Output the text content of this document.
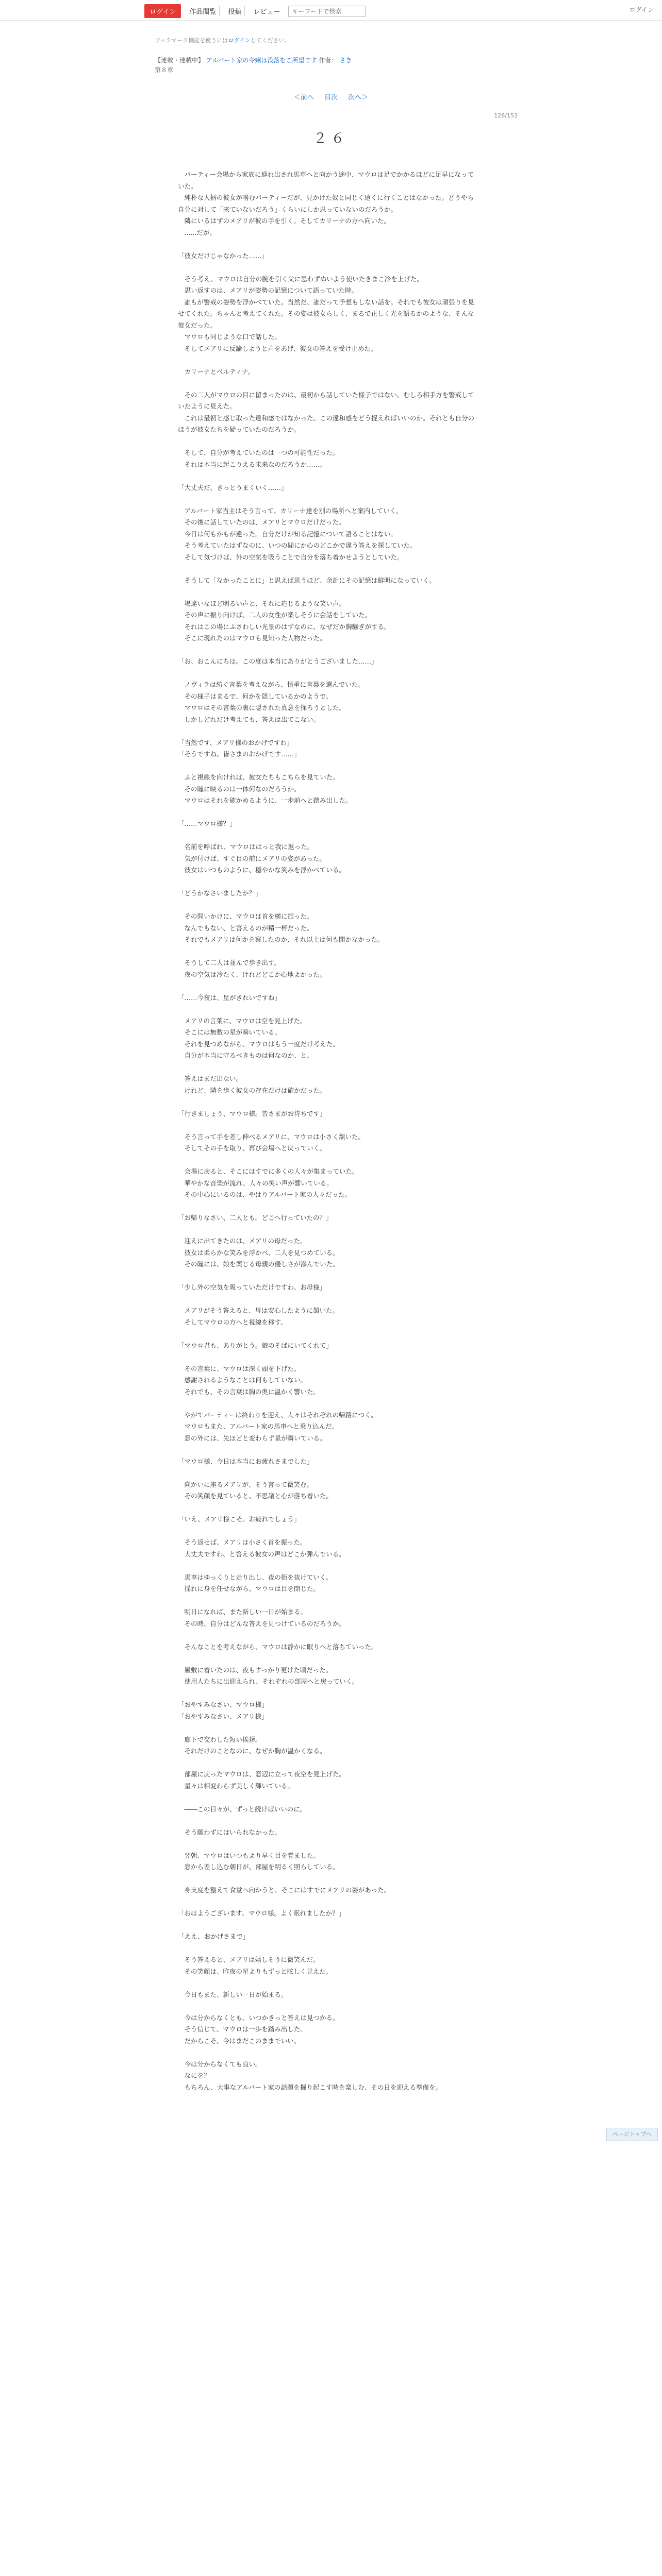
ログイン	作品閲覧	投稿	レビュー
キーワードで検索	ログイン
ブックマーク機能を使うにはログインしてください。
【連載・連載中】 アルバート家の令嬢は没落をご所望です 作者： さき
第８章
＜前へ 目次 次へ＞
128/153
２６

　パーティー会場から家族に連れ出され馬車へと向かう途中、マウロは足でかかるほどに足早になっていた。

　純朴な人柄の彼女が嗜むパーティーだが、見かけた奴と同じく遠くに行くことはなかった。どうやら自分に対して「来ていないだろう」くらいにしか思っていないのだろうか。

　隣にいるはずのメアリが彼の手を引く。そしてカリーナの方へ向いた。

　......だが。

「彼女だけじゃなかった……」

　そう考え、マウロは自分の腕を引く父に思わずぬいよう使いたきまこ冷を上げた。

　思い返すのは、メアリが姿勢の記憶について語っていた時。

　誰もが警戒の姿勢を浮かべていた。当然だ、誰だって予想もしない話を。それでも彼女は頑張りを見せてくれた。ちゃんと考えてくれた。その姿は彼女らしく、まるで正しく光を語るかのような、そんな彼女だった。

　マウロも同じような口で話した。

　そしてメアリに反論しようと声をあげ、彼女の答えを受け止めた。

　カリーナとベルティナ。

　その二人がマウロの目に留まったのは、最初から話していた様子ではない。むしろ相手方を警戒していたように見えた。

　これは最初と感じ取った違和感ではなかった。この違和感をどう捉えればいいのか。それとも自分のほうが彼女たちを疑っていたのだろうか。

　そして、自分が考えていたのは一つの可能性だった。

　それは本当に起こりえる未来なのだろうか……。

「大丈夫だ、きっとうまくいく……」

　アルバート家当主はそう言って、カリーナ達を別の場所へと案内していく。

　その後に話していたのは、メアリとマウロだけだった。

　今日は何もかもが違った。自分だけが知る記憶について語ることはない。

　そう考えていたはずなのに、いつの間にか心のどこかで違う答えを探していた。

　そして気づけば、外の空気を吸うことで自分を落ち着かせようとしていた。

　そうして「なかったことに」と思えば思うほど、余計にその記憶は鮮明になっていく。

　場違いなほど明るい声と、それに応じるような笑い声。

　その声に振り向けば、二人の女性が楽しそうに会話をしていた。

　それはこの場にふさわしい光景のはずなのに、なぜだか胸騒ぎがする。

　そこに現れたのはマウロも見知った人物だった。

「お、おこんにちは。この度は本当にありがとうございました……」

　ノヴィラは紡ぐ言葉を考えながら、慎重に言葉を選んでいた。

　その様子はまるで、何かを隠しているかのようで。

　マウロはその言葉の裏に隠された真意を探ろうとした。

　しかしどれだけ考えても、答えは出てこない。

「当然です、メアリ様のおかげですわ」

「そうですね、皆さまのおかげです……」

　ふと視線を向ければ、彼女たちもこちらを見ていた。

　その瞳に映るのは一体何なのだろうか。

　マウロはそれを確かめるように、一歩前へと踏み出した。

「……マウロ様？」

　名前を呼ばれ、マウロははっと我に返った。

　気が付けば、すぐ目の前にメアリの姿があった。

　彼女はいつものように、穏やかな笑みを浮かべている。

「どうかなさいましたか？」

　その問いかけに、マウロは首を横に振った。

　なんでもない、と答えるのが精一杯だった。

　それでもメアリは何かを察したのか、それ以上は何も聞かなかった。

　そうして二人は並んで歩き出す。

　夜の空気は冷たく、けれどどこか心地よかった。

「……今夜は、星がきれいですね」

　メアリの言葉に、マウロは空を見上げた。

　そこには無数の星が瞬いている。

　それを見つめながら、マウロはもう一度だけ考えた。

　自分が本当に守るべきものは何なのか、と。

　答えはまだ出ない。

　けれど、隣を歩く彼女の存在だけは確かだった。

「行きましょう、マウロ様。皆さまがお待ちです」

　そう言って手を差し伸べるメアリに、マウロは小さく頷いた。

　そしてその手を取り、再び会場へと戻っていく。

　会場に戻ると、そこにはすでに多くの人々が集まっていた。

　華やかな音楽が流れ、人々の笑い声が響いている。

　その中心にいるのは、やはりアルバート家の人々だった。

「お帰りなさい、二人とも。どこへ行っていたの？」

　迎えに出てきたのは、メアリの母だった。

　彼女は柔らかな笑みを浮かべ、二人を見つめている。

　その瞳には、娘を案じる母親の優しさが滲んでいた。

「少し外の空気を吸っていただけですわ、お母様」

　メアリがそう答えると、母は安心したように頷いた。

　そしてマウロの方へと視線を移す。

「マウロ君も、ありがとう。娘のそばにいてくれて」

　その言葉に、マウロは深く頭を下げた。

　感謝されるようなことは何もしていない。

　それでも、その言葉は胸の奥に温かく響いた。

　やがてパーティーは終わりを迎え、人々はそれぞれの帰路につく。

　マウロもまた、アルバート家の馬車へと乗り込んだ。

　窓の外には、先ほどと変わらず星が瞬いている。

「マウロ様、今日は本当にお疲れさまでした」

　向かいに座るメアリが、そう言って微笑む。

　その笑顔を見ていると、不思議と心が落ち着いた。

「いえ、メアリ様こそ。お疲れでしょう」

　そう返せば、メアリは小さく首を振った。

　大丈夫ですわ、と答える彼女の声はどこか弾んでいる。

　馬車はゆっくりと走り出し、夜の街を抜けていく。

　揺れに身を任せながら、マウロは目を閉じた。

　明日になれば、また新しい一日が始まる。

　その時、自分はどんな答えを見つけているのだろうか。

　そんなことを考えながら、マウロは静かに眠りへと落ちていった。

　屋敷に着いたのは、夜もすっかり更けた頃だった。

　使用人たちに出迎えられ、それぞれの部屋へと戻っていく。

「おやすみなさい、マウロ様」

「おやすみなさい、メアリ様」

　廊下で交わした短い挨拶。

　それだけのことなのに、なぜか胸が温かくなる。

　部屋に戻ったマウロは、窓辺に立って夜空を見上げた。

　星々は相変わらず美しく輝いている。

　――この日々が、ずっと続けばいいのに。

　そう願わずにはいられなかった。

　翌朝、マウロはいつもより早く目を覚ました。

　窓から差し込む朝日が、部屋を明るく照らしている。

　身支度を整えて食堂へ向かうと、そこにはすでにメアリの姿があった。

「おはようございます、マウロ様。よく眠れましたか？」

「ええ、おかげさまで」

　そう答えると、メアリは嬉しそうに微笑んだ。

　その笑顔は、昨夜の星よりもずっと眩しく見えた。

　今日もまた、新しい一日が始まる。

　今は分からなくとも、いつかきっと答えは見つかる。

　そう信じて、マウロは一歩を踏み出した。

　だからこそ、今はまだこのままでいい。

　今は分からなくても良い。

　なにを？

　もちろん、大事なアルバート家の話題を掘り起こす時を楽しむ、その日を迎える準備を。

ページトップへ
